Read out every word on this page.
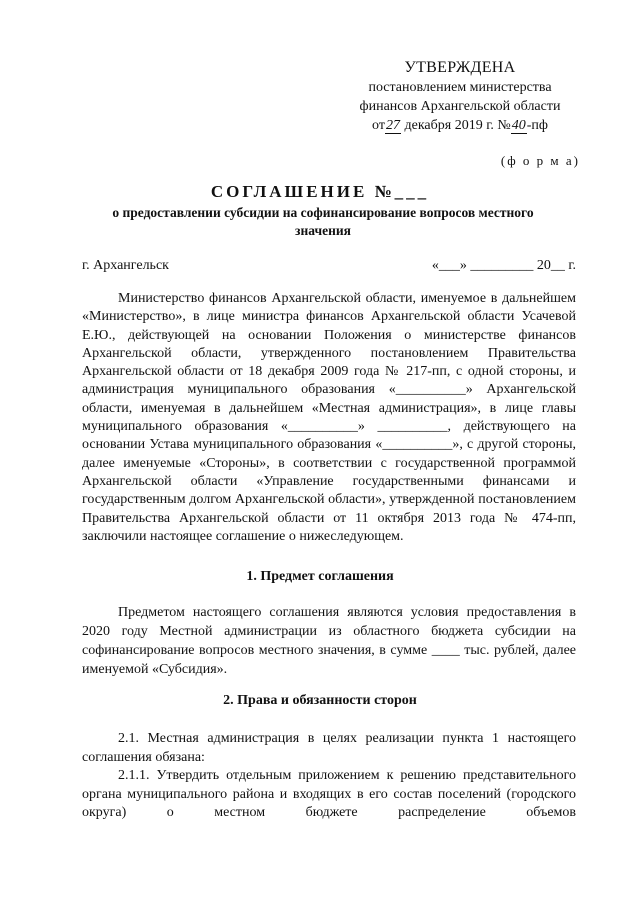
УТВЕРЖДЕНА
постановлением министерства
финансов Архангельской области
от27 декабря 2019 г. №40-пф
(ф о р м а)
СОГЛАШЕНИЕ №___
о предоставлении субсидии на софинансирование вопросов местного значения
г. Архангельск	«___» _________ 20__ г.
Министерство финансов Архангельской области, именуемое в дальнейшем «Министерство», в лице министра финансов Архангельской области Усачевой Е.Ю., действующей на основании Положения о министерстве финансов Архангельской области, утвержденного постановлением Правительства Архангельской области от 18 декабря 2009 года № 217-пп, с одной стороны, и администрация муниципального образования «__________» Архангельской области, именуемая в дальнейшем «Местная администрация», в лице главы муниципального образования «__________» __________, действующего на основании Устава муниципального образования «__________», с другой стороны, далее именуемые «Стороны», в соответствии с государственной программой Архангельской области «Управление государственными финансами и государственным долгом Архангельской области», утвержденной постановлением Правительства Архангельской области от 11 октября 2013 года № 474-пп, заключили настоящее соглашение о нижеследующем.
1. Предмет соглашения
Предметом настоящего соглашения являются условия предоставления в 2020 году Местной администрации из областного бюджета субсидии на софинансирование вопросов местного значения, в сумме ____ тыс. рублей, далее именуемой «Субсидия».
2. Права и обязанности сторон
2.1. Местная администрация в целях реализации пункта 1 настоящего соглашения обязана:
2.1.1. Утвердить отдельным приложением к решению представительного органа муниципального района и входящих в его состав поселений (городского округа) о местном бюджете распределение объемов
